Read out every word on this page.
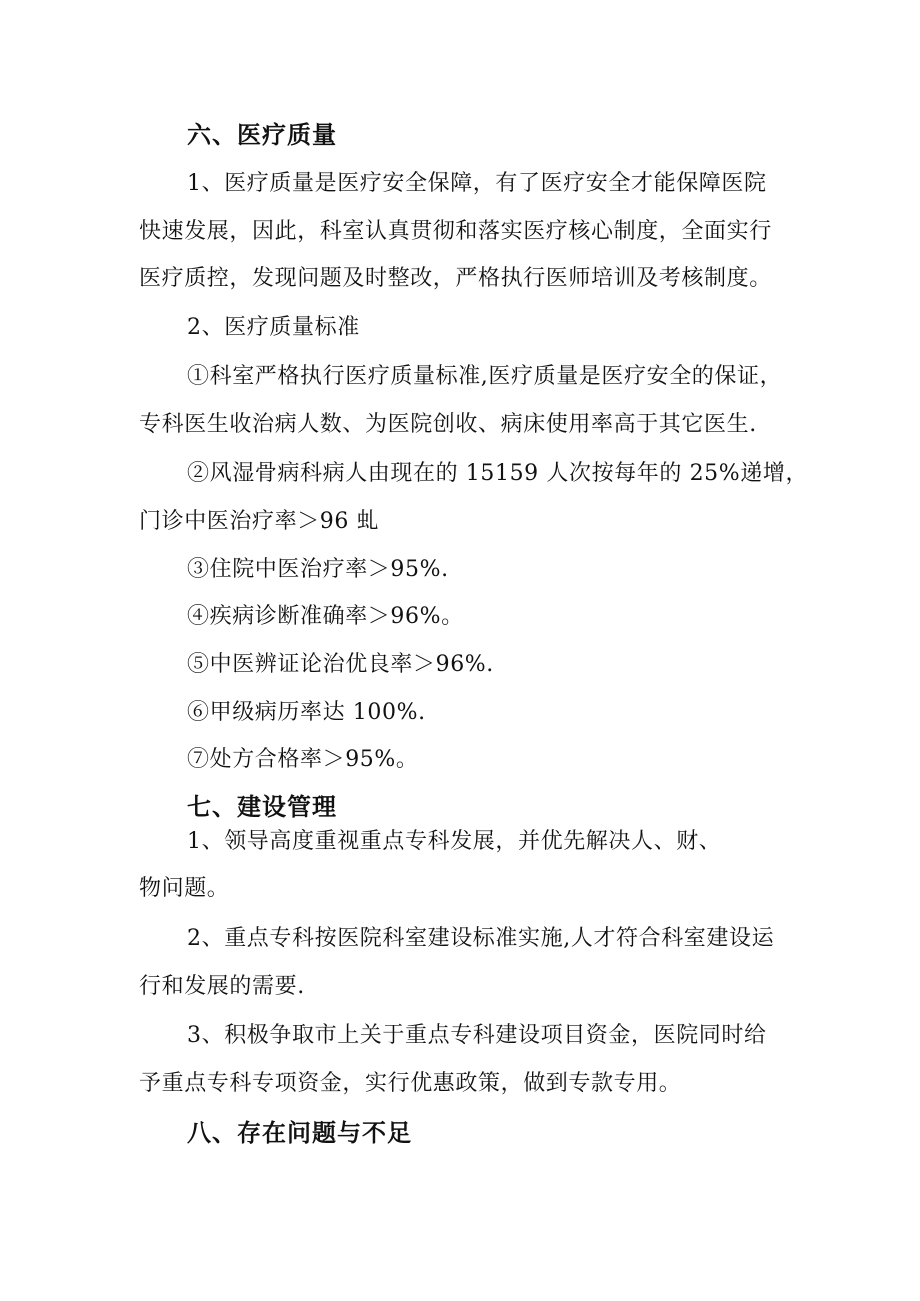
六、医疗质量
1、医疗质量是医疗安全保障，有了医疗安全才能保障医院
快速发展，因此，科室认真贯彻和落实医疗核心制度，全面实行
医疗质控，发现问题及时整改，严格执行医师培训及考核制度。
2、医疗质量标准
①科室严格执行医疗质量标准,医疗质量是医疗安全的保证，
专科医生收治病人数、为医院创收、病床使用率高于其它医生.
②风湿骨病科病人由现在的 15159 人次按每年的 25%递增，
门诊中医治疗率＞96 虬
③住院中医治疗率＞95%.
④疾病诊断准确率＞96%。
⑤中医辨证论治优良率＞96%.
⑥甲级病历率达 100%.
⑦处方合格率＞95%。
七、建设管理
1、领导高度重视重点专科发展，并优先解决人、财、
物问题。
2、重点专科按医院科室建设标准实施,人才符合科室建设运
行和发展的需要.
3、积极争取市上关于重点专科建设项目资金，医院同时给
予重点专科专项资金，实行优惠政策，做到专款专用。
八、存在问题与不足
